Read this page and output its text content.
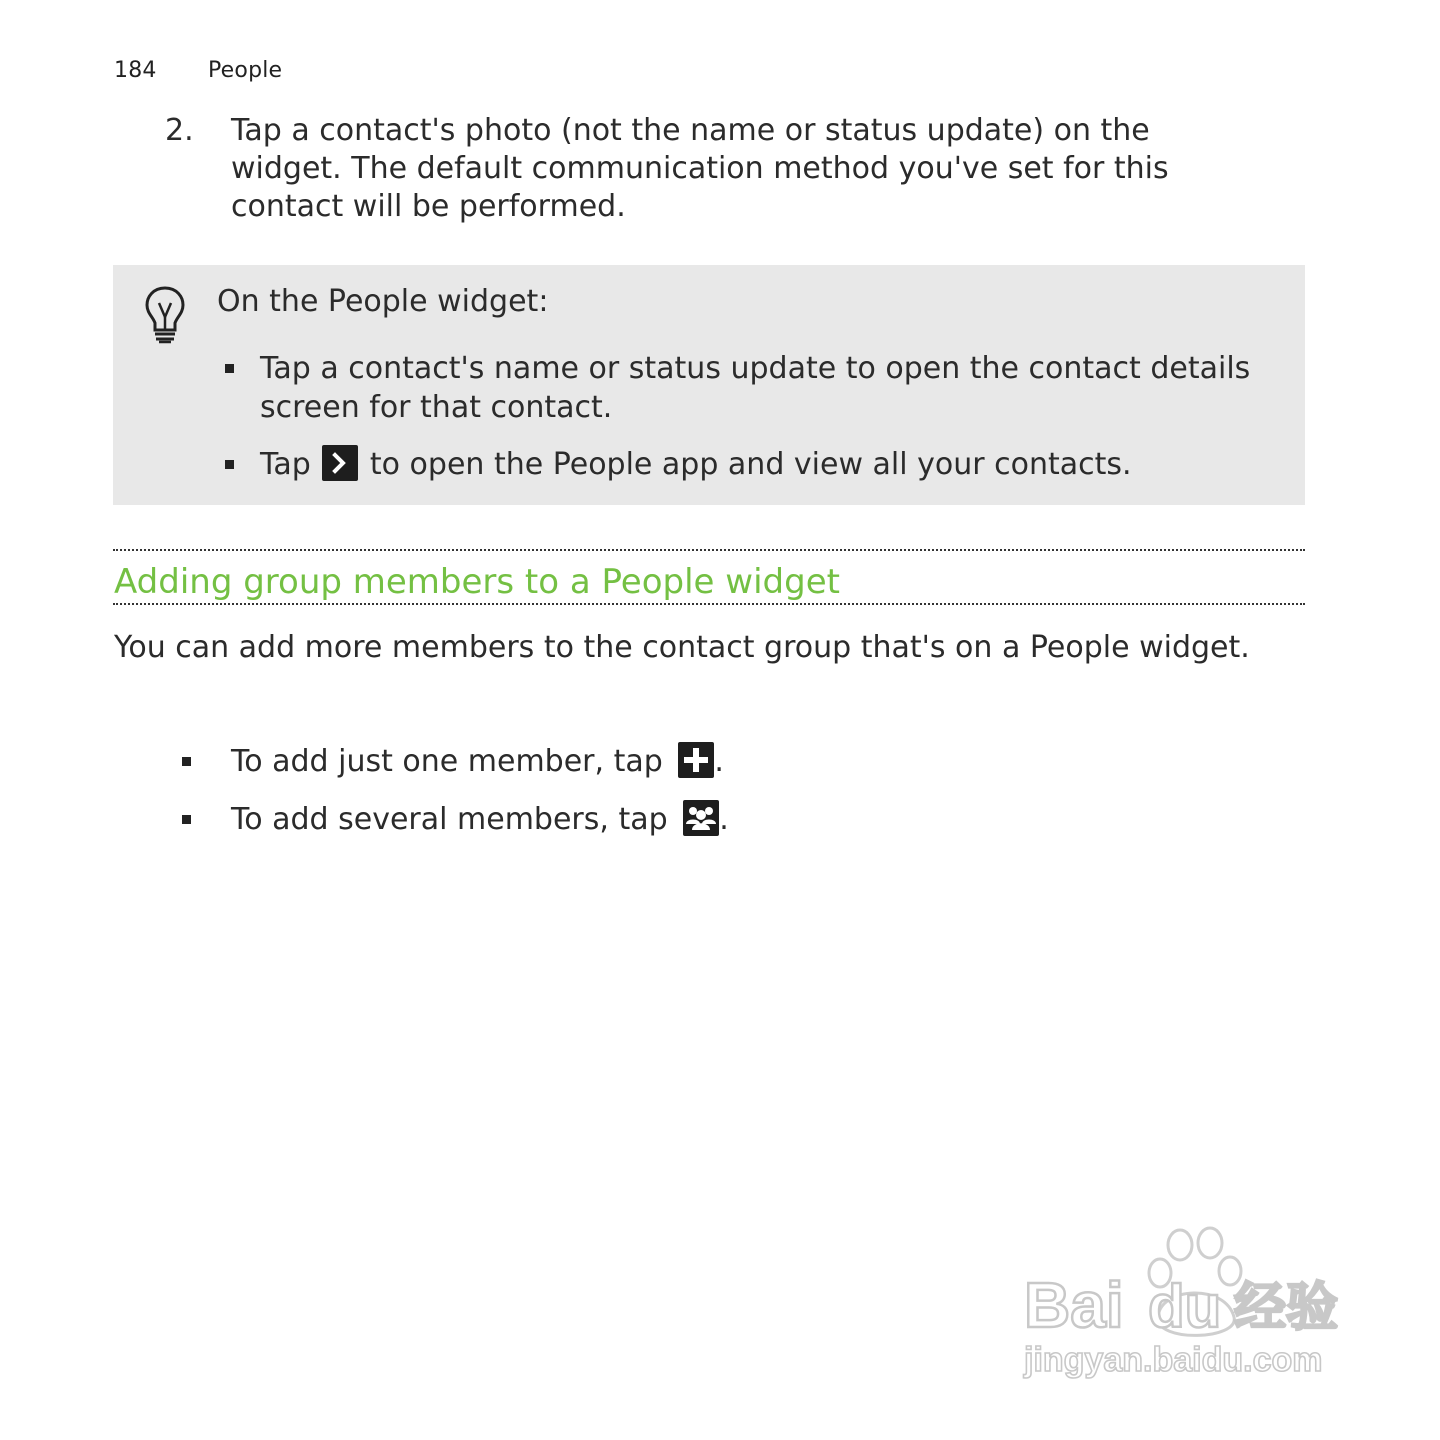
184 People
2. Tap a contact's photo (not the name or status update) on the widget. The default communication method you've set for this contact will be performed.
On the People widget:
Tap a contact's name or status update to open the contact details screen for that contact.
Tap to open the People app and view all your contacts.
Adding group members to a People widget
You can add more members to the contact group that's on a People widget.
To add just one member, tap .
To add several members, tap .
Bai du 经验
jingyan.baidu.com
